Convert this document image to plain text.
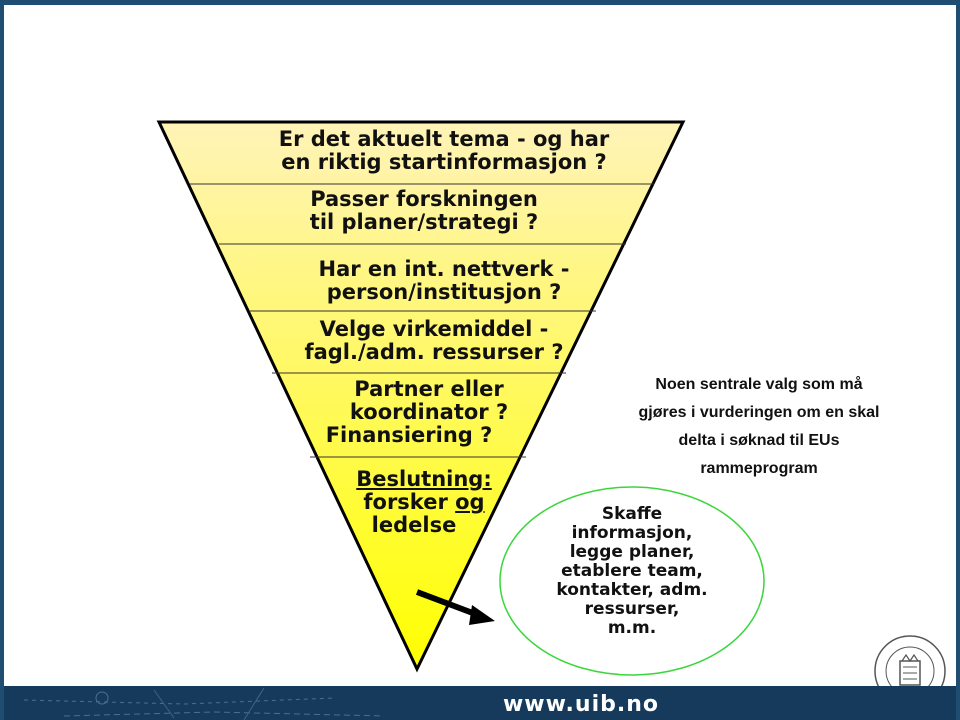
Er det aktuelt tema - og har
en riktig startinformasjon ?
Passer forskningen
til planer/strategi ?
Har en int. nettverk -
person/institusjon ?
Velge virkemiddel -
fagl./adm. ressurser ?
Partner eller
koordinator ?
Finansiering ?
Beslutning:
forsker og
ledelse
Noen sentrale valg som må
gjøres i vurderingen om en skal
delta i søknad til EUs
rammeprogram
Skaffe
informasjon,
legge planer,
etablere team,
kontakter, adm.
ressurser,
m.m.
www.uib.no
